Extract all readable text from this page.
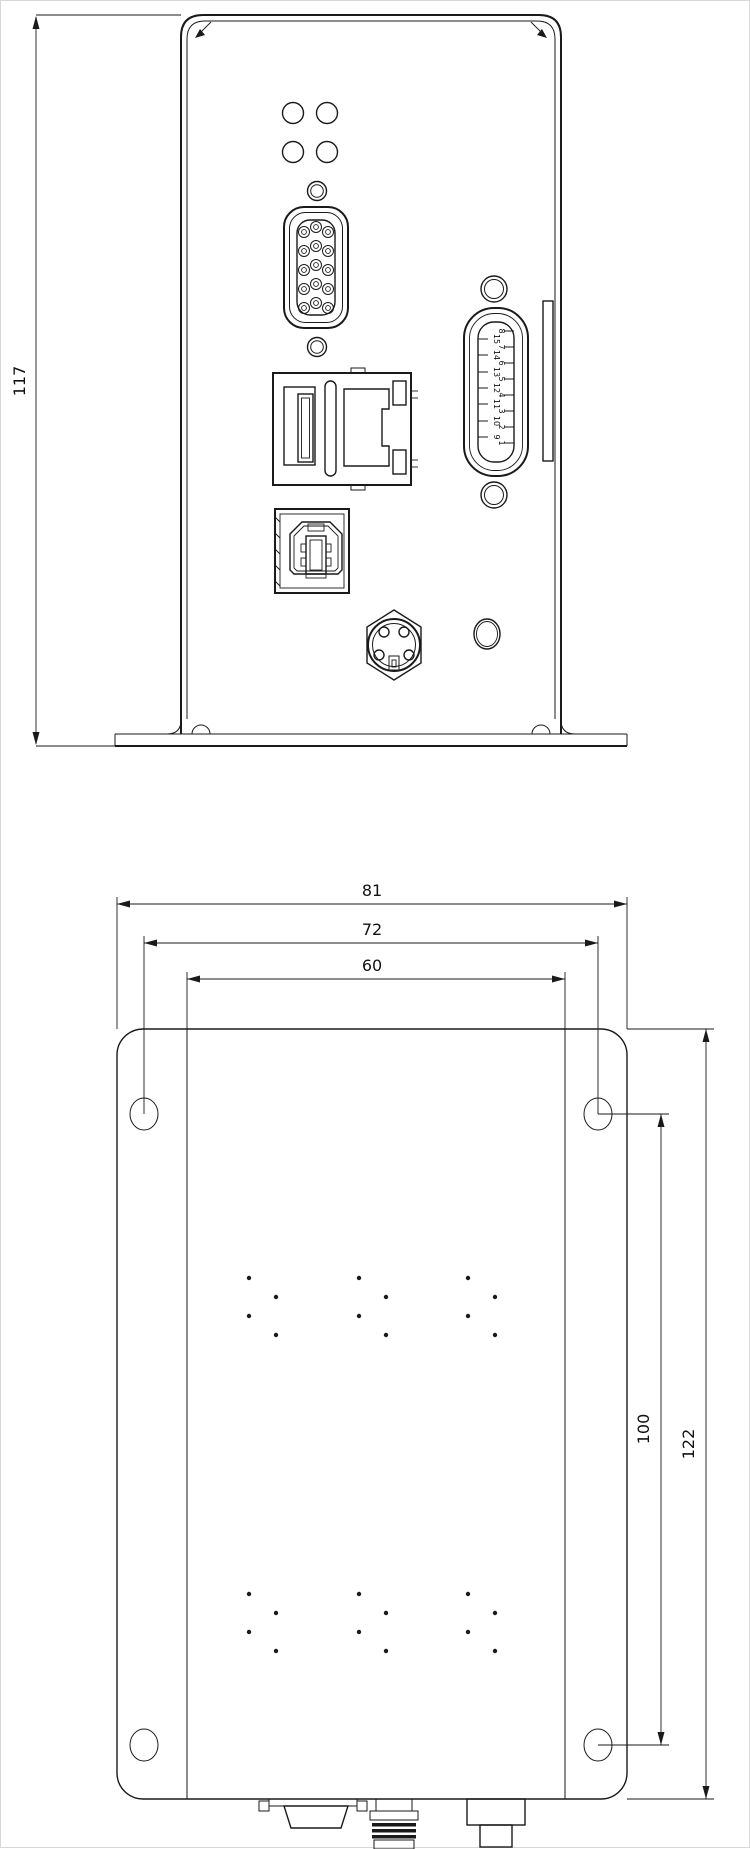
117
15
14
13
12
11
10
9
8
7
6
5
4
3
2
1
81
72
60
100 122
